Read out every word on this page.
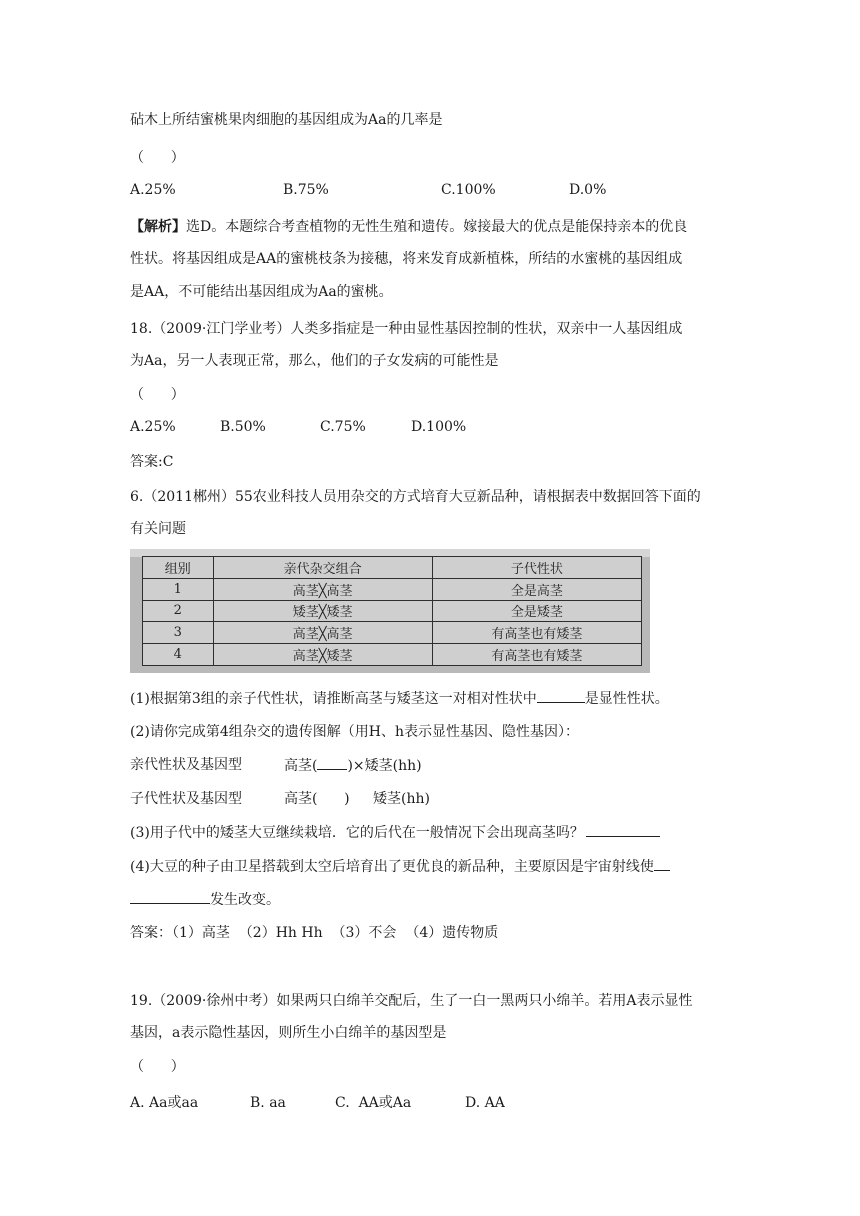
砧木上所结蜜桃果肉细胞的基因组成为Aa的几率是
（      ）
A.25%	B.75%	C.100%	D.0%
【解析】选D。本题综合考查植物的无性生殖和遗传。嫁接最大的优点是能保持亲本的优良
性状。将基因组成是AA的蜜桃枝条为接穗，将来发育成新植株，所结的水蜜桃的基因组成
是AA，不可能结出基因组成为Aa的蜜桃。
18.（2009·江门学业考）人类多指症是一种由显性基因控制的性状，双亲中一人基因组成
为Aa，另一人表现正常，那么，他们的子女发病的可能性是
（      ）
A.25%	B.50%	C.75%	D.100%
答案:C
6.（2011郴州）55农业科技人员用杂交的方式培育大豆新品种，请根据表中数据回答下面的
有关问题
组别	亲代杂交组合	子代性状
1	高茎╳高茎	全是高茎
2	矮茎╳矮茎	全是矮茎
3	高茎╳高茎	有高茎也有矮茎
4	高茎╳矮茎	有高茎也有矮茎
(1)根据第3组的亲子代性状，请推断高茎与矮茎这一对相对性状中	是显性性状。
(2)请你完成第4组杂交的遗传图解（用H、h表示显性基因、隐性基因）：
亲代性状及基因型	高茎( )×矮茎(hh)
子代性状及基因型	高茎(      ) 矮茎(hh)
(3)用子代中的矮茎大豆继续栽培．它的后代在一般情况下会出现高茎吗？
(4)大豆的种子由卫星搭载到太空后培育出了更优良的新品种，主要原因是宇宙射线使
发生改变。
答案：（1）高茎  （2）Hh Hh  （3）不会  （4）遗传物质
19.（2009·徐州中考）如果两只白绵羊交配后，生了一白一黑两只小绵羊。若用A表示显性
基因，a表示隐性基因，则所生小白绵羊的基因型是
（      ）
A. Aa或aa	B. aa	C.  AA或Aa	D. AA
